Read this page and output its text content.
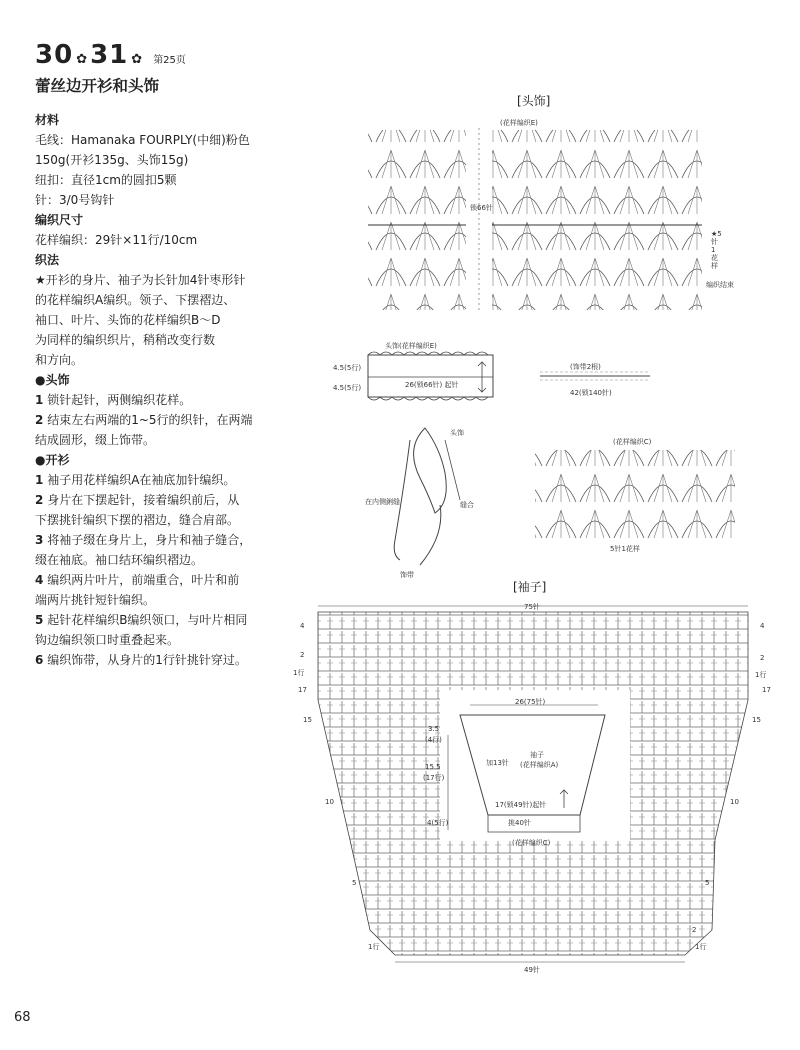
30 ✿ 31 ✿ 第25页
蕾丝边开衫和头饰
材料
毛线：Hamanaka FOURPLY(中细)粉色
150g(开衫135g、头饰15g)
纽扣：直径1cm的圆扣5颗
针：3/0号钩针
编织尺寸
花样编织：29针×11行/10cm
织法
★开衫的身片、袖子为长针加4针枣形针
的花样编织A编织。领子、下摆褶边、
袖口、叶片、头饰的花样编织B～D
为同样的编织织片，稍稍改变行数
和方向。
●头饰
1 锁针起针，两侧编织花样。
2 结束左右两端的1~5行的织针，在两端
结成圆形，缀上饰带。
●开衫
1 袖子用花样编织A在袖底加针编织。
2 身片在下摆起针，接着编织前后，从
下摆挑针编织下摆的褶边，缝合肩部。
3 将袖子缀在身片上，身片和袖子缝合，
缀在袖底。袖口结环编织褶边。
4 编织两片叶片，前端重合，叶片和前
端两片挑针短针编织。
5 起针花样编织B编织领口，与叶片相同
钩边编织领口时重叠起来。
6 编织饰带，从身片的1行针挑针穿过。
[头饰]
(花样编织E)
锁66针
编织结束
★5针1花样
头饰(花样编织E)
4.5(5行)
4.5(5行)	26(锁66针) 起针
(饰带2根)
42(锁140针)
(花样编织C)
5针1花样
头饰
在内侧鋓缝	缝合
饰带
[袖子]
75针
49针
26(75针)
袖子
(花样编织A)
加13针
17(锁49针)起针
挑40针
(花样编织C)
3.5
(4行)
15.5
(17行)
4(5行)
4
2
1行
17
15
10
5
1行
4
2
1行
17
15
10
5
2
1行
68
